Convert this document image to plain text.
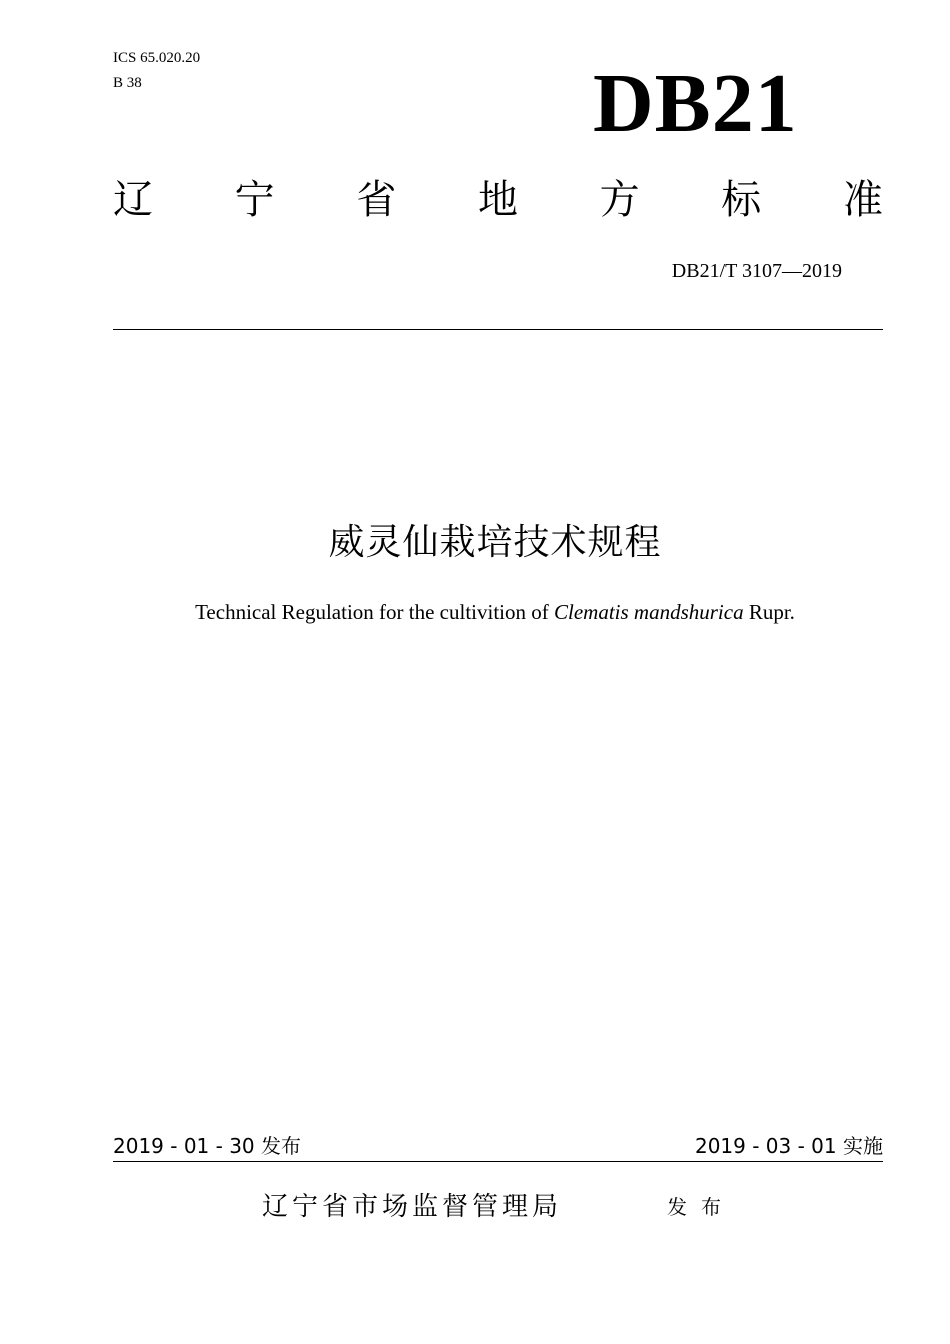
ICS 65.020.20
B 38	DB21
辽 宁 省 地 方 标 准
DB21/T 3107—2019
威灵仙栽培技术规程
Technical Regulation for the cultivition of Clematis mandshurica Rupr.
2019 - 01 - 30 发布	2019 - 03 - 01 实施
辽宁省市场监督管理局	发布
